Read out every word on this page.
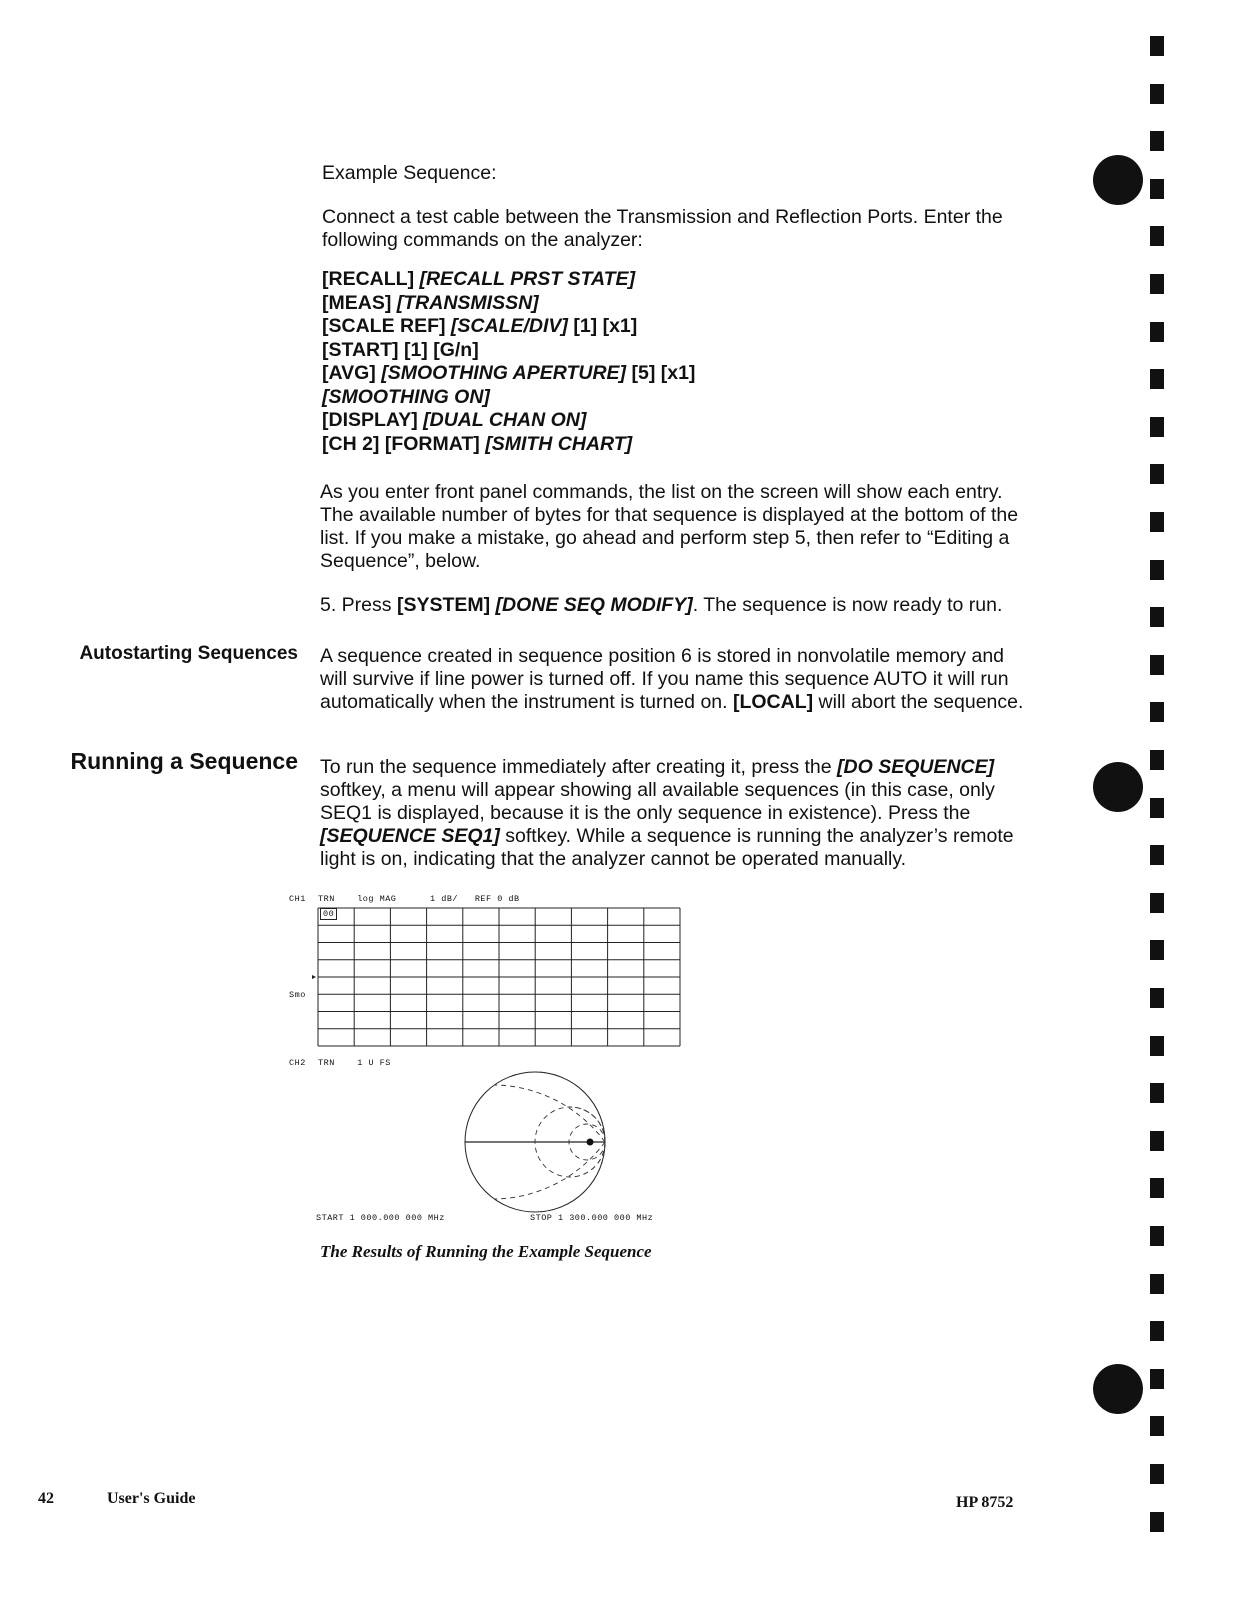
Example Sequence:
Connect a test cable between the Transmission and Reflection Ports. Enter the following commands on the analyzer:
[RECALL] [RECALL PRST STATE]
[MEAS] [TRANSMISSN]
[SCALE REF] [SCALE/DIV] [1] [x1]
[START] [1] [G/n]
[AVG] [SMOOTHING APERTURE] [5] [x1]
[SMOOTHING ON]
[DISPLAY] [DUAL CHAN ON]
[CH 2] [FORMAT] [SMITH CHART]
As you enter front panel commands, the list on the screen will show each entry. The available number of bytes for that sequence is displayed at the bottom of the list. If you make a mistake, go ahead and perform step 5, then refer to “Editing a Sequence”, below.
5. Press [SYSTEM] [DONE SEQ MODIFY]. The sequence is now ready to run.
Autostarting Sequences A sequence created in sequence position 6 is stored in nonvolatile memory and will survive if line power is turned off. If you name this sequence AUTO it will run automatically when the instrument is turned on. [LOCAL] will abort the sequence.
Running a Sequence To run the sequence immediately after creating it, press the [DO SEQUENCE] softkey, a menu will appear showing all available sequences (in this case, only SEQ1 is displayed, because it is the only sequence in existence). Press the [SEQUENCE SEQ1] softkey. While a sequence is running the analyzer’s remote light is on, indicating that the analyzer cannot be operated manually.
CH1 TRN    log MAG      1 dB/   REF 0 dB
00
Smo
CH2 TRN    1 U FS
START 1 000.000 000 MHz	STOP 1 300.000 000 MHz
The Results of Running the Example Sequence
42	User's Guide	HP 8752
